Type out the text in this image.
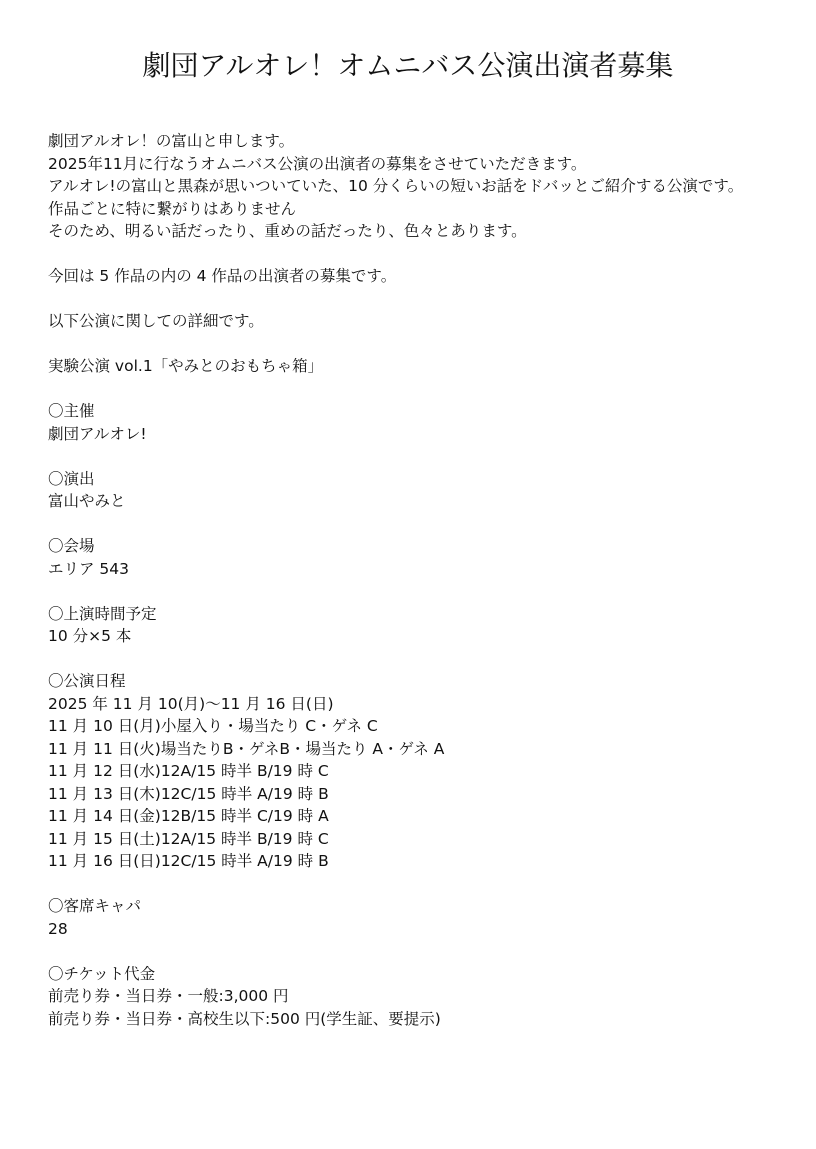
劇団アルオレ！オムニバス公演出演者募集
劇団アルオレ！の富山と申します。
2025年11月に行なうオムニバス公演の出演者の募集をさせていただきます。
アルオレ!の富山と黒森が思いついていた、10 分くらいの短いお話をドバッとご紹介する公演です。
作品ごとに特に繋がりはありません
そのため、明るい話だったり、重めの話だったり、色々とあります。
今回は 5 作品の内の 4 作品の出演者の募集です。
以下公演に関しての詳細です。
実験公演 vol.1「やみとのおもちゃ箱」
〇主催
劇団アルオレ!
〇演出
富山やみと
〇会場
エリア 543
〇上演時間予定
10 分×5 本
〇公演日程
2025 年 11 月 10(月)～11 月 16 日(日)
11 月 10 日(月)小屋入り・場当たり C・ゲネ C
11 月 11 日(火)場当たりB・ゲネB・場当たり A・ゲネ A
11 月 12 日(水)12A/15 時半 B/19 時 C
11 月 13 日(木)12C/15 時半 A/19 時 B
11 月 14 日(金)12B/15 時半 C/19 時 A
11 月 15 日(土)12A/15 時半 B/19 時 C
11 月 16 日(日)12C/15 時半 A/19 時 B
〇客席キャパ
28
〇チケット代金
前売り券・当日券・一般:3,000 円
前売り券・当日券・高校生以下:500 円(学生証、要提示)
